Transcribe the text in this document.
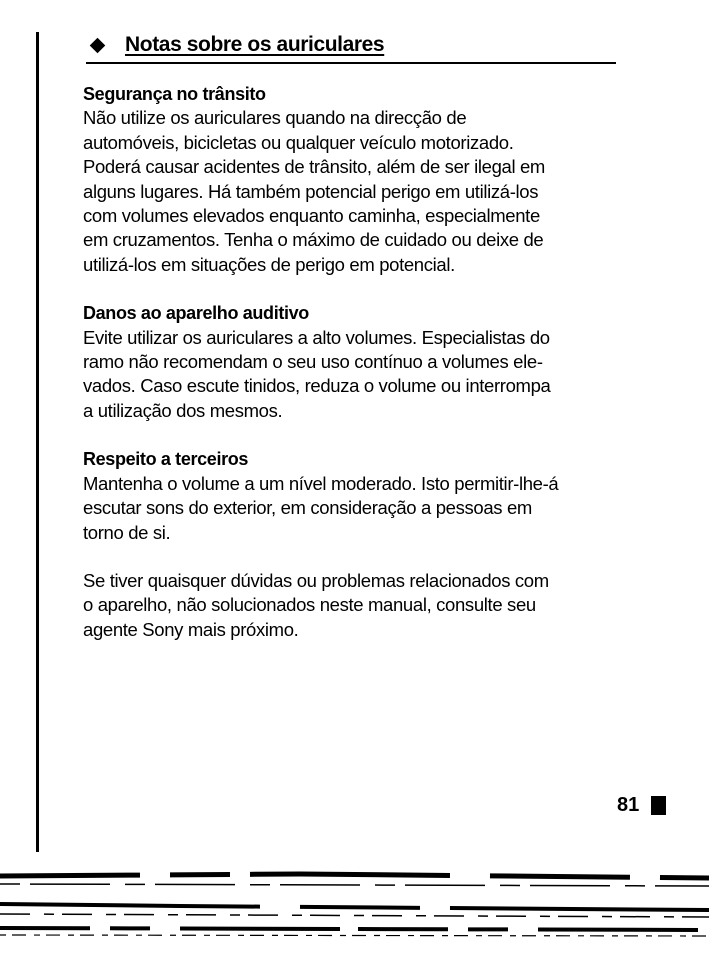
Notas sobre os auriculares

Segurança no trânsito

Não utilize os auriculares quando na direcção de

automóveis, bicicletas ou qualquer veículo motorizado.

Poderá causar acidentes de trânsito, além de ser ilegal em

alguns lugares. Há também potencial perigo em utilizá-los

com volumes elevados enquanto caminha, especialmente

em cruzamentos. Tenha o máximo de cuidado ou deixe de

utilizá-los em situações de perigo em potencial.

Danos ao aparelho auditivo

Evite utilizar os auriculares a alto volumes. Especialistas do

ramo não recomendam o seu uso contínuo a volumes ele-

vados. Caso escute tinidos, reduza o volume ou interrompa

a utilização dos mesmos.

Respeito a terceiros

Mantenha o volume a um nível moderado. Isto permitir-lhe-á

escutar sons do exterior, em consideração a pessoas em

torno de si.

Se tiver quaisquer dúvidas ou problemas relacionados com

o aparelho, não solucionados neste manual, consulte seu

agente Sony mais próximo.

81
